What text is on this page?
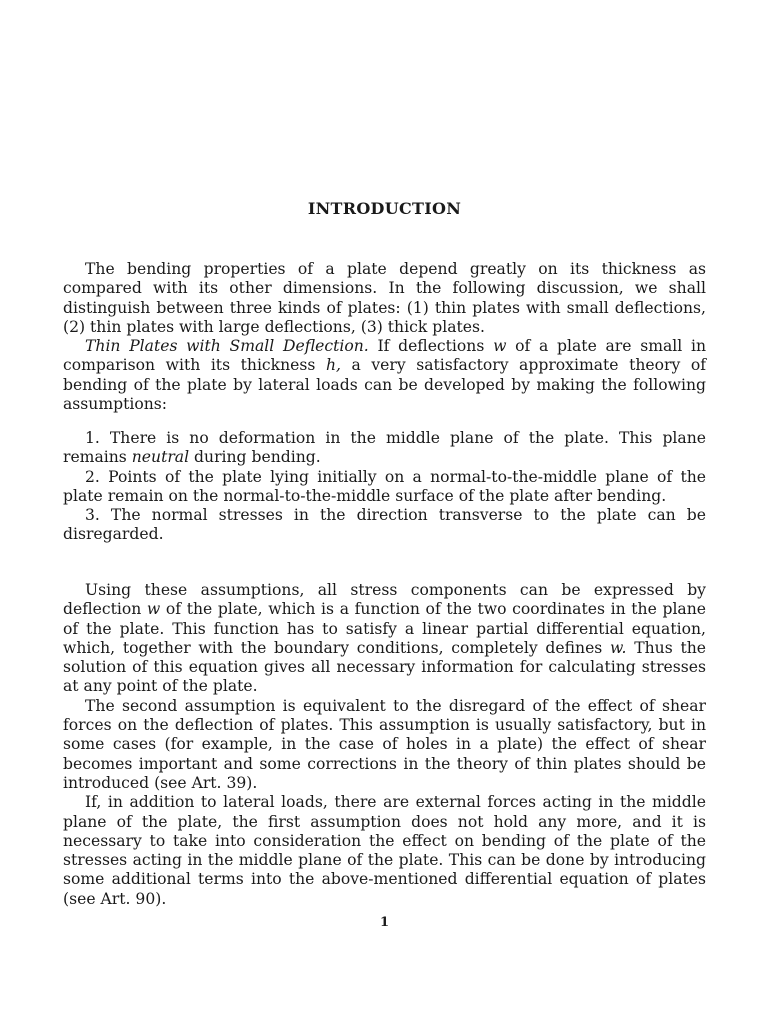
INTRODUCTION

The bending properties of a plate depend greatly on its thickness as compared with its other dimensions. In the following discussion, we shall distinguish between three kinds of plates: (1) thin plates with small deflections, (2) thin plates with large deflections, (3) thick plates.

Thin Plates with Small Deflection. If deflections w of a plate are small in comparison with its thickness h, a very satisfactory approximate theory of bending of the plate by lateral loads can be developed by making the following assumptions:

1. There is no deformation in the middle plane of the plate. This plane remains neutral during bending.

2. Points of the plate lying initially on a normal-to-the-middle plane of the plate remain on the normal-to-the-middle surface of the plate after bending.

3. The normal stresses in the direction transverse to the plate can be disregarded.

Using these assumptions, all stress components can be expressed by deflection w of the plate, which is a function of the two coordinates in the plane of the plate. This function has to satisfy a linear partial differential equation, which, together with the boundary conditions, completely defines w. Thus the solution of this equation gives all necessary information for calculating stresses at any point of the plate.

The second assumption is equivalent to the disregard of the effect of shear forces on the deflection of plates. This assumption is usually satisfactory, but in some cases (for example, in the case of holes in a plate) the effect of shear becomes important and some corrections in the theory of thin plates should be introduced (see Art. 39).

If, in addition to lateral loads, there are external forces acting in the middle plane of the plate, the first assumption does not hold any more, and it is necessary to take into consideration the effect on bending of the plate of the stresses acting in the middle plane of the plate. This can be done by introducing some additional terms into the above-mentioned differential equation of plates (see Art. 90).

1
